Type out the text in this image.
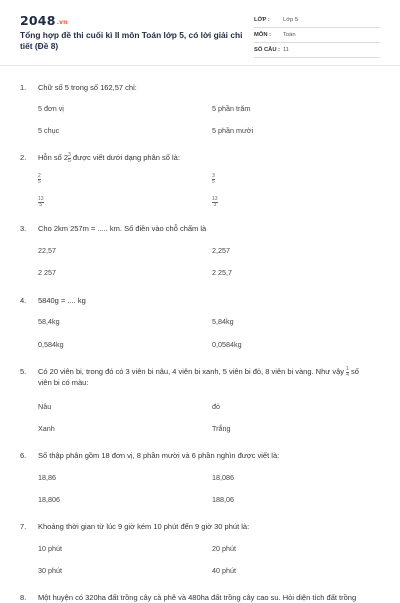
2048.vn
Tổng hợp đề thi cuối kì II môn Toán lớp 5, có lời giải chi tiết (Đề 8)
LỚP : Lớp 5
MÔN : Toán
SỐ CÂU : 11
1. Chữ số 5 trong số 162,57 chỉ:
5 đơn vị	5 phần trăm
5 chục	5 phần mười
2. Hỗn số $2 \frac{3}{5}$ được viết dưới dạng phân số là:
$\frac{2}{5}$	$\frac{3}{5}$
$\frac{13}{5}$	$\frac{13}{3}$
3. Cho 2km 257m = ..... km. Số điền vào chỗ chấm là
22,57	2,257
2 257	2 25,7
4. 5840g = .... kg
58,4kg	5,84kg
0,584kg	0,0584kg
5. Có 20 viên bi, trong đó có 3 viên bi nâu, 4 viên bi xanh, 5 viên bi đỏ, 8 viên bi vàng. Như vậy $\frac{1}{4}$ số
viên bi có màu:
Nâu	đỏ
Xanh	Trắng
6. Số thập phân gồm 18 đơn vị, 8 phần mười và 6 phần nghìn được viết là:
18,86	18,086
18,806	188,06
7. Khoảng thời gian từ lúc 9 giờ kém 10 phút đến 9 giờ 30 phút là:
10 phút	20 phút
30 phút	40 phút
8. Một huyện có 320ha đất trồng cây cà phê và 480ha đất trồng cây cao su. Hỏi diện tích đất trồng
